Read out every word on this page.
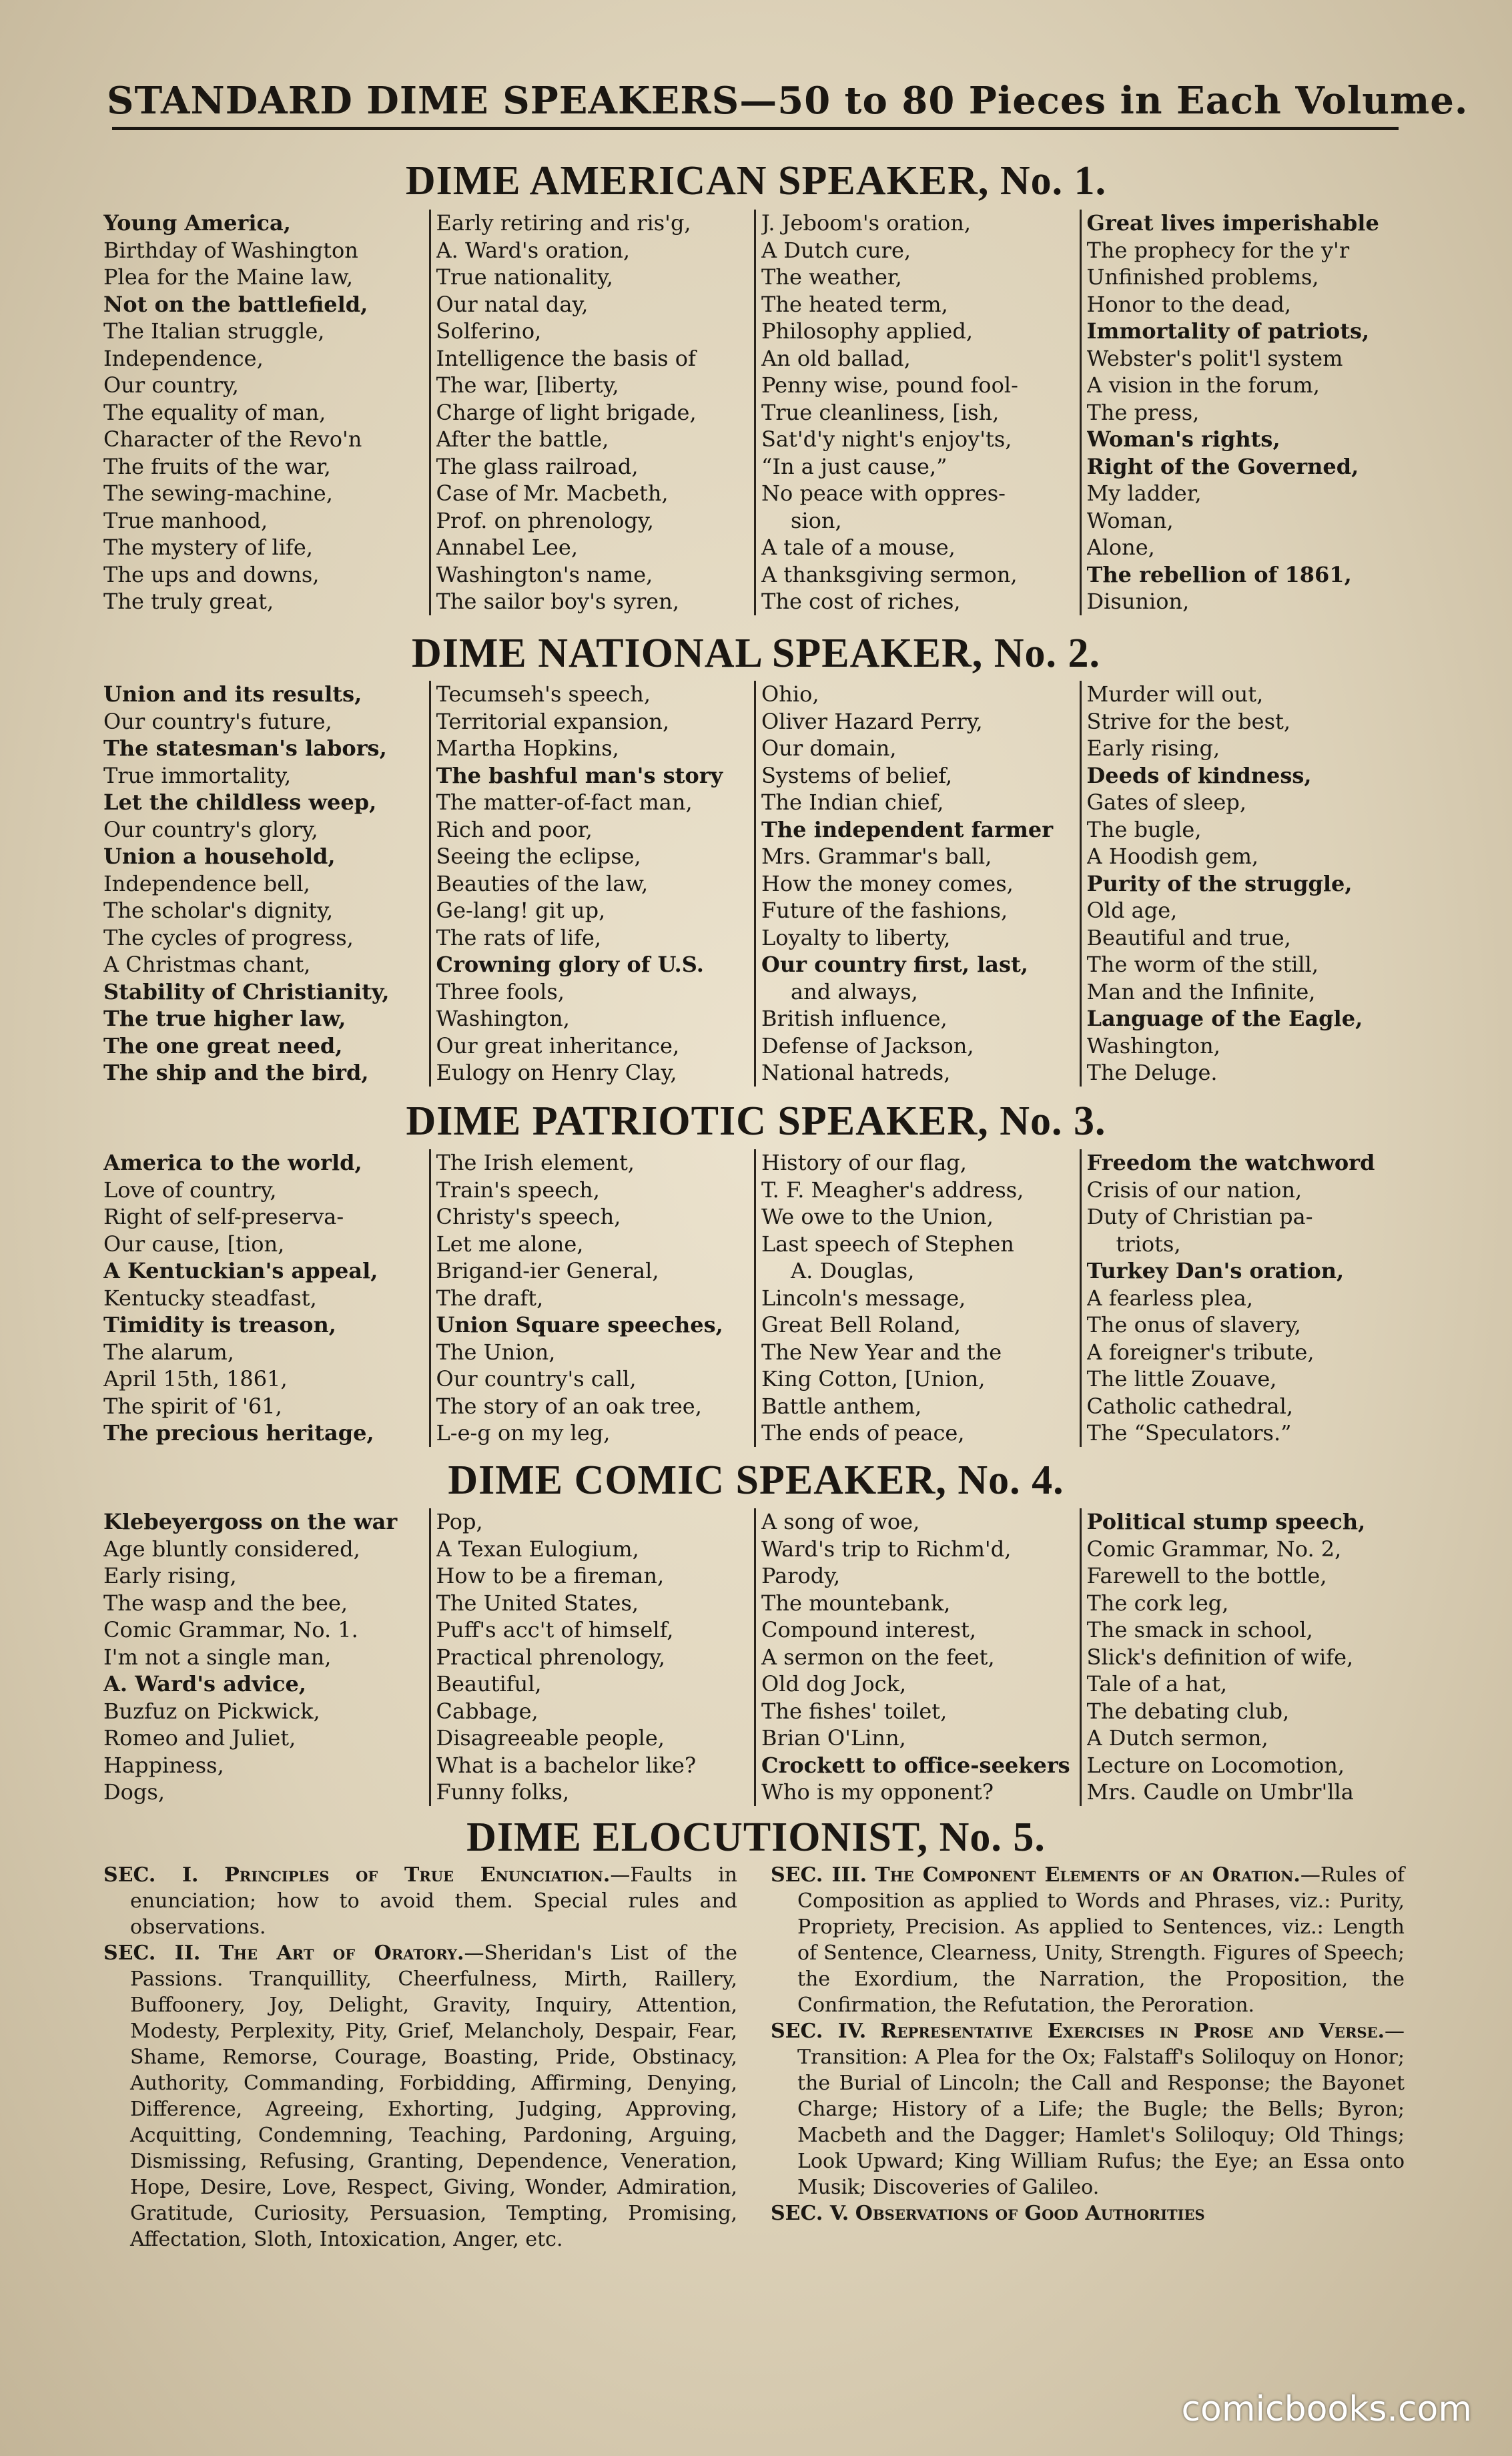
STANDARD DIME SPEAKERS—50 to 80 Pieces in Each Volume.
DIME AMERICAN SPEAKER, No. 1.
Young America,
Birthday of Washington
Plea for the Maine law,
Not on the battlefield,
The Italian struggle,
Independence,
Our country,
The equality of man,
Character of the Revo'n
The fruits of the war,
The sewing-machine,
True manhood,
The mystery of life,
The ups and downs,
The truly great,
Early retiring and ris'g,
A. Ward's oration,
True nationality,
Our natal day,
Solferino,
Intelligence the basis of
The war, [liberty,
Charge of light brigade,
After the battle,
The glass railroad,
Case of Mr. Macbeth,
Prof. on phrenology,
Annabel Lee,
Washington's name,
The sailor boy's syren,
J. Jeboom's oration,
A Dutch cure,
The weather,
The heated term,
Philosophy applied,
An old ballad,
Penny wise, pound fool-
True cleanliness, [ish,
Sat'd'y night's enjoy'ts,
“In a just cause,”
No peace with oppres-
sion,
A tale of a mouse,
A thanksgiving sermon,
The cost of riches,
Great lives imperishable
The prophecy for the y'r
Unfinished problems,
Honor to the dead,
Immortality of patriots,
Webster's polit'l system
A vision in the forum,
The press,
Woman's rights,
Right of the Governed,
My ladder,
Woman,
Alone,
The rebellion of 1861,
Disunion,
DIME NATIONAL SPEAKER, No. 2.
Union and its results,
Our country's future,
The statesman's labors,
True immortality,
Let the childless weep,
Our country's glory,
Union a household,
Independence bell,
The scholar's dignity,
The cycles of progress,
A Christmas chant,
Stability of Christianity,
The true higher law,
The one great need,
The ship and the bird,
Tecumseh's speech,
Territorial expansion,
Martha Hopkins,
The bashful man's story
The matter-of-fact man,
Rich and poor,
Seeing the eclipse,
Beauties of the law,
Ge-lang! git up,
The rats of life,
Crowning glory of U.S.
Three fools,
Washington,
Our great inheritance,
Eulogy on Henry Clay,
Ohio,
Oliver Hazard Perry,
Our domain,
Systems of belief,
The Indian chief,
The independent farmer
Mrs. Grammar's ball,
How the money comes,
Future of the fashions,
Loyalty to liberty,
Our country first, last,
and always,
British influence,
Defense of Jackson,
National hatreds,
Murder will out,
Strive for the best,
Early rising,
Deeds of kindness,
Gates of sleep,
The bugle,
A Hoodish gem,
Purity of the struggle,
Old age,
Beautiful and true,
The worm of the still,
Man and the Infinite,
Language of the Eagle,
Washington,
The Deluge.
DIME PATRIOTIC SPEAKER, No. 3.
America to the world,
Love of country,
Right of self-preserva-
Our cause, [tion,
A Kentuckian's appeal,
Kentucky steadfast,
Timidity is treason,
The alarum,
April 15th, 1861,
The spirit of '61,
The precious heritage,
The Irish element,
Train's speech,
Christy's speech,
Let me alone,
Brigand-ier General,
The draft,
Union Square speeches,
The Union,
Our country's call,
The story of an oak tree,
L-e-g on my leg,
History of our flag,
T. F. Meagher's address,
We owe to the Union,
Last speech of Stephen
A. Douglas,
Lincoln's message,
Great Bell Roland,
The New Year and the
King Cotton, [Union,
Battle anthem,
The ends of peace,
Freedom the watchword
Crisis of our nation,
Duty of Christian pa-
triots,
Turkey Dan's oration,
A fearless plea,
The onus of slavery,
A foreigner's tribute,
The little Zouave,
Catholic cathedral,
The “Speculators.”
DIME COMIC SPEAKER, No. 4.
Klebeyergoss on the war
Age bluntly considered,
Early rising,
The wasp and the bee,
Comic Grammar, No. 1.
I'm not a single man,
A. Ward's advice,
Buzfuz on Pickwick,
Romeo and Juliet,
Happiness,
Dogs,
Pop,
A Texan Eulogium,
How to be a fireman,
The United States,
Puff's acc't of himself,
Practical phrenology,
Beautiful,
Cabbage,
Disagreeable people,
What is a bachelor like?
Funny folks,
A song of woe,
Ward's trip to Richm'd,
Parody,
The mountebank,
Compound interest,
A sermon on the feet,
Old dog Jock,
The fishes' toilet,
Brian O'Linn,
Crockett to office-seekers
Who is my opponent?
Political stump speech,
Comic Grammar, No. 2,
Farewell to the bottle,
The cork leg,
The smack in school,
Slick's definition of wife,
Tale of a hat,
The debating club,
A Dutch sermon,
Lecture on Locomotion,
Mrs. Caudle on Umbr'lla
DIME ELOCUTIONIST, No. 5.
SEC. I. Principles of True Enunciation.—Faults in enunciation; how to avoid them. Special rules and observations.
SEC. II. The Art of Oratory.—Sheridan's List of the Passions. Tranquillity, Cheerfulness, Mirth, Raillery, Buffoonery, Joy, Delight, Gravity, Inquiry, Attention, Modesty, Perplexity, Pity, Grief, Melancholy, Despair, Fear, Shame, Remorse, Courage, Boasting, Pride, Obstinacy, Authority, Commanding, Forbidding, Affirming, Denying, Difference, Agreeing, Exhorting, Judging, Approving, Acquitting, Condemning, Teaching, Pardoning, Arguing, Dismissing, Refusing, Granting, Dependence, Veneration, Hope, Desire, Love, Respect, Giving, Wonder, Admiration, Gratitude, Curiosity, Persuasion, Tempting, Promising, Affectation, Sloth, Intoxication, Anger, etc.
SEC. III. The Component Elements of an Oration.—Rules of Composition as applied to Words and Phrases, viz.: Purity, Propriety, Precision. As applied to Sentences, viz.: Length of Sentence, Clearness, Unity, Strength. Figures of Speech; the Exordium, the Narration, the Proposition, the Confirmation, the Refutation, the Peroration.
SEC. IV. Representative Exercises in Prose and Verse.—Transition: A Plea for the Ox; Falstaff's Soliloquy on Honor; the Burial of Lincoln; the Call and Response; the Bayonet Charge; History of a Life; the Bugle; the Bells; Byron; Macbeth and the Dagger; Hamlet's Soliloquy; Old Things; Look Upward; King William Rufus; the Eye; an Essa onto Musik; Discoveries of Galileo.
SEC. V. Observations of Good Authorities
comicbooks.com
